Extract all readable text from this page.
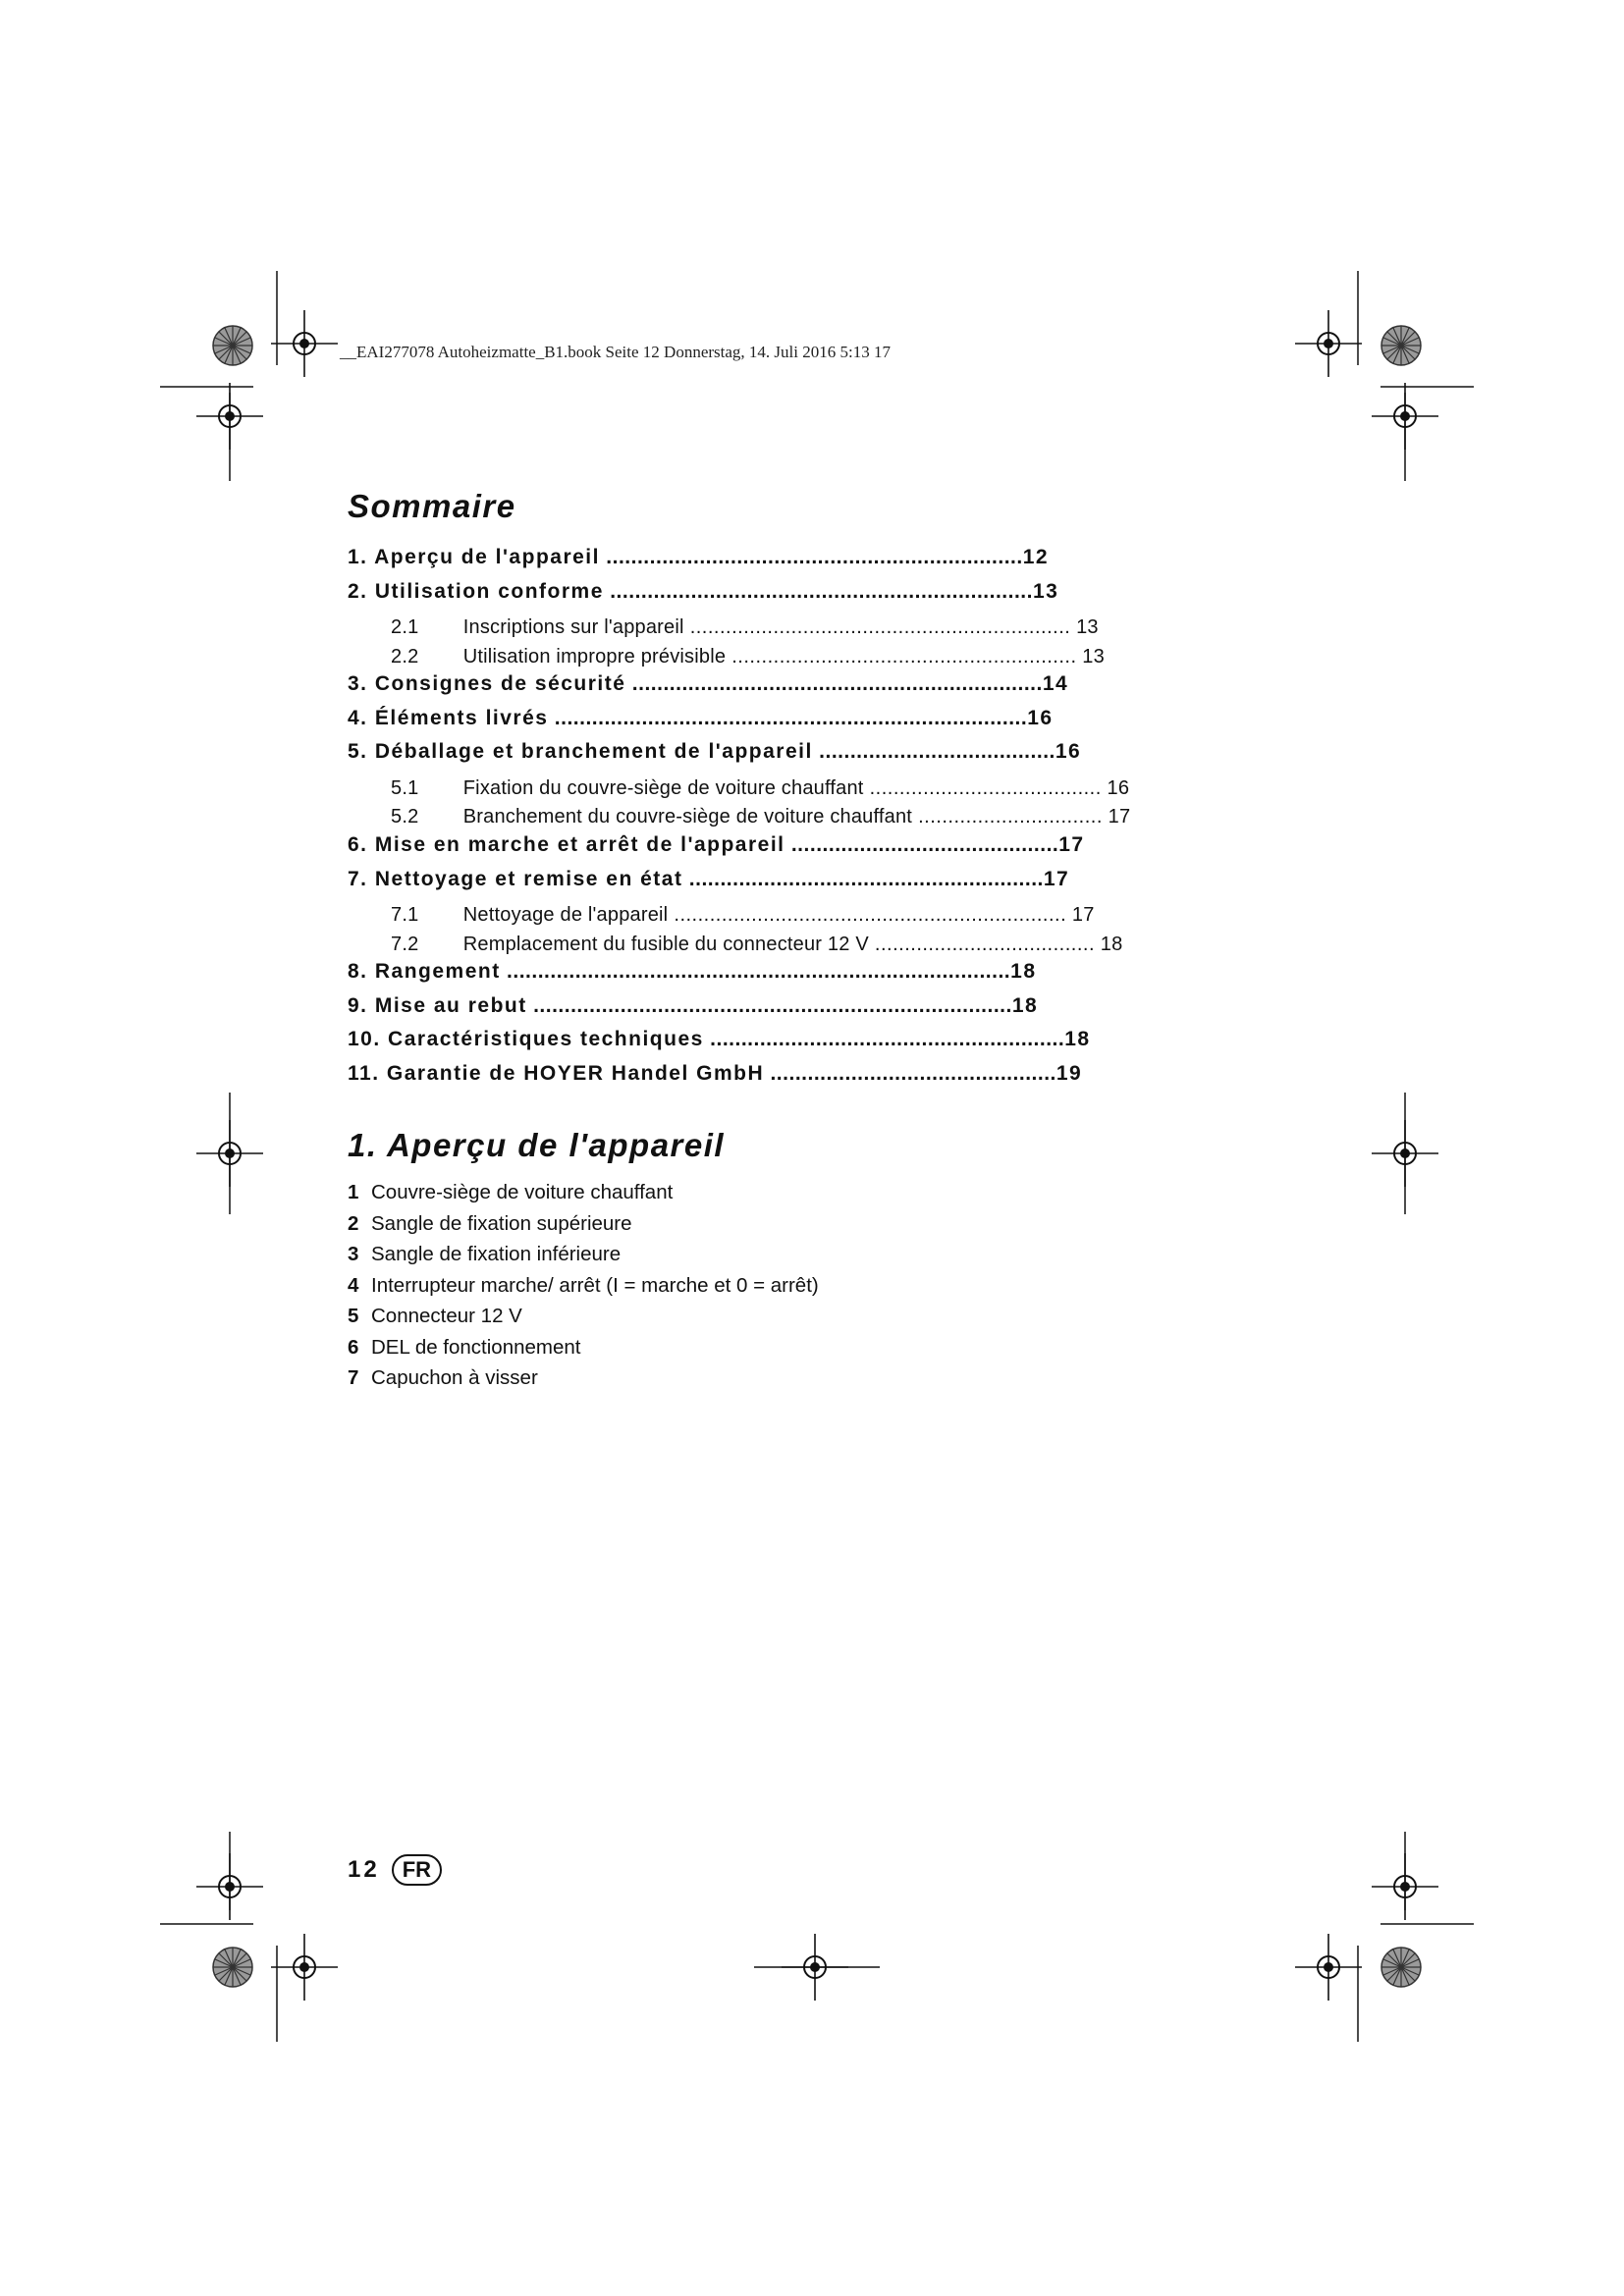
__EAI277078 Autoheizmatte_B1.book Seite 12 Donnerstag, 14. Juli 2016 5:13 17
Sommaire
1. Aperçu de l'appareil ...................................................................12
2. Utilisation conforme ....................................................................13
2.1 Inscriptions sur l'appareil ................................................................ 13
2.2 Utilisation impropre prévisible .......................................................... 13
3. Consignes de sécurité ..................................................................14
4. Éléments livrés ............................................................................16
5. Déballage et branchement de l'appareil ......................................16
5.1 Fixation du couvre-siège de voiture chauffant ....................................... 16
5.2 Branchement du couvre-siège de voiture chauffant ............................... 17
6. Mise en marche et arrêt de l'appareil ...........................................17
7. Nettoyage et remise en état .........................................................17
7.1 Nettoyage de l'appareil .................................................................. 17
7.2 Remplacement du fusible du connecteur 12 V ..................................... 18
8. Rangement .................................................................................18
9. Mise au rebut .............................................................................18
10. Caractéristiques techniques .........................................................18
11. Garantie de HOYER Handel GmbH ..............................................19
1. Aperçu de l'appareil
1 Couvre-siège de voiture chauffant
2 Sangle de fixation supérieure
3 Sangle de fixation inférieure
4 Interrupteur marche/ arrêt (I = marche et 0 = arrêt)
5 Connecteur 12 V
6 DEL de fonctionnement
7 Capuchon à visser
12	FR
